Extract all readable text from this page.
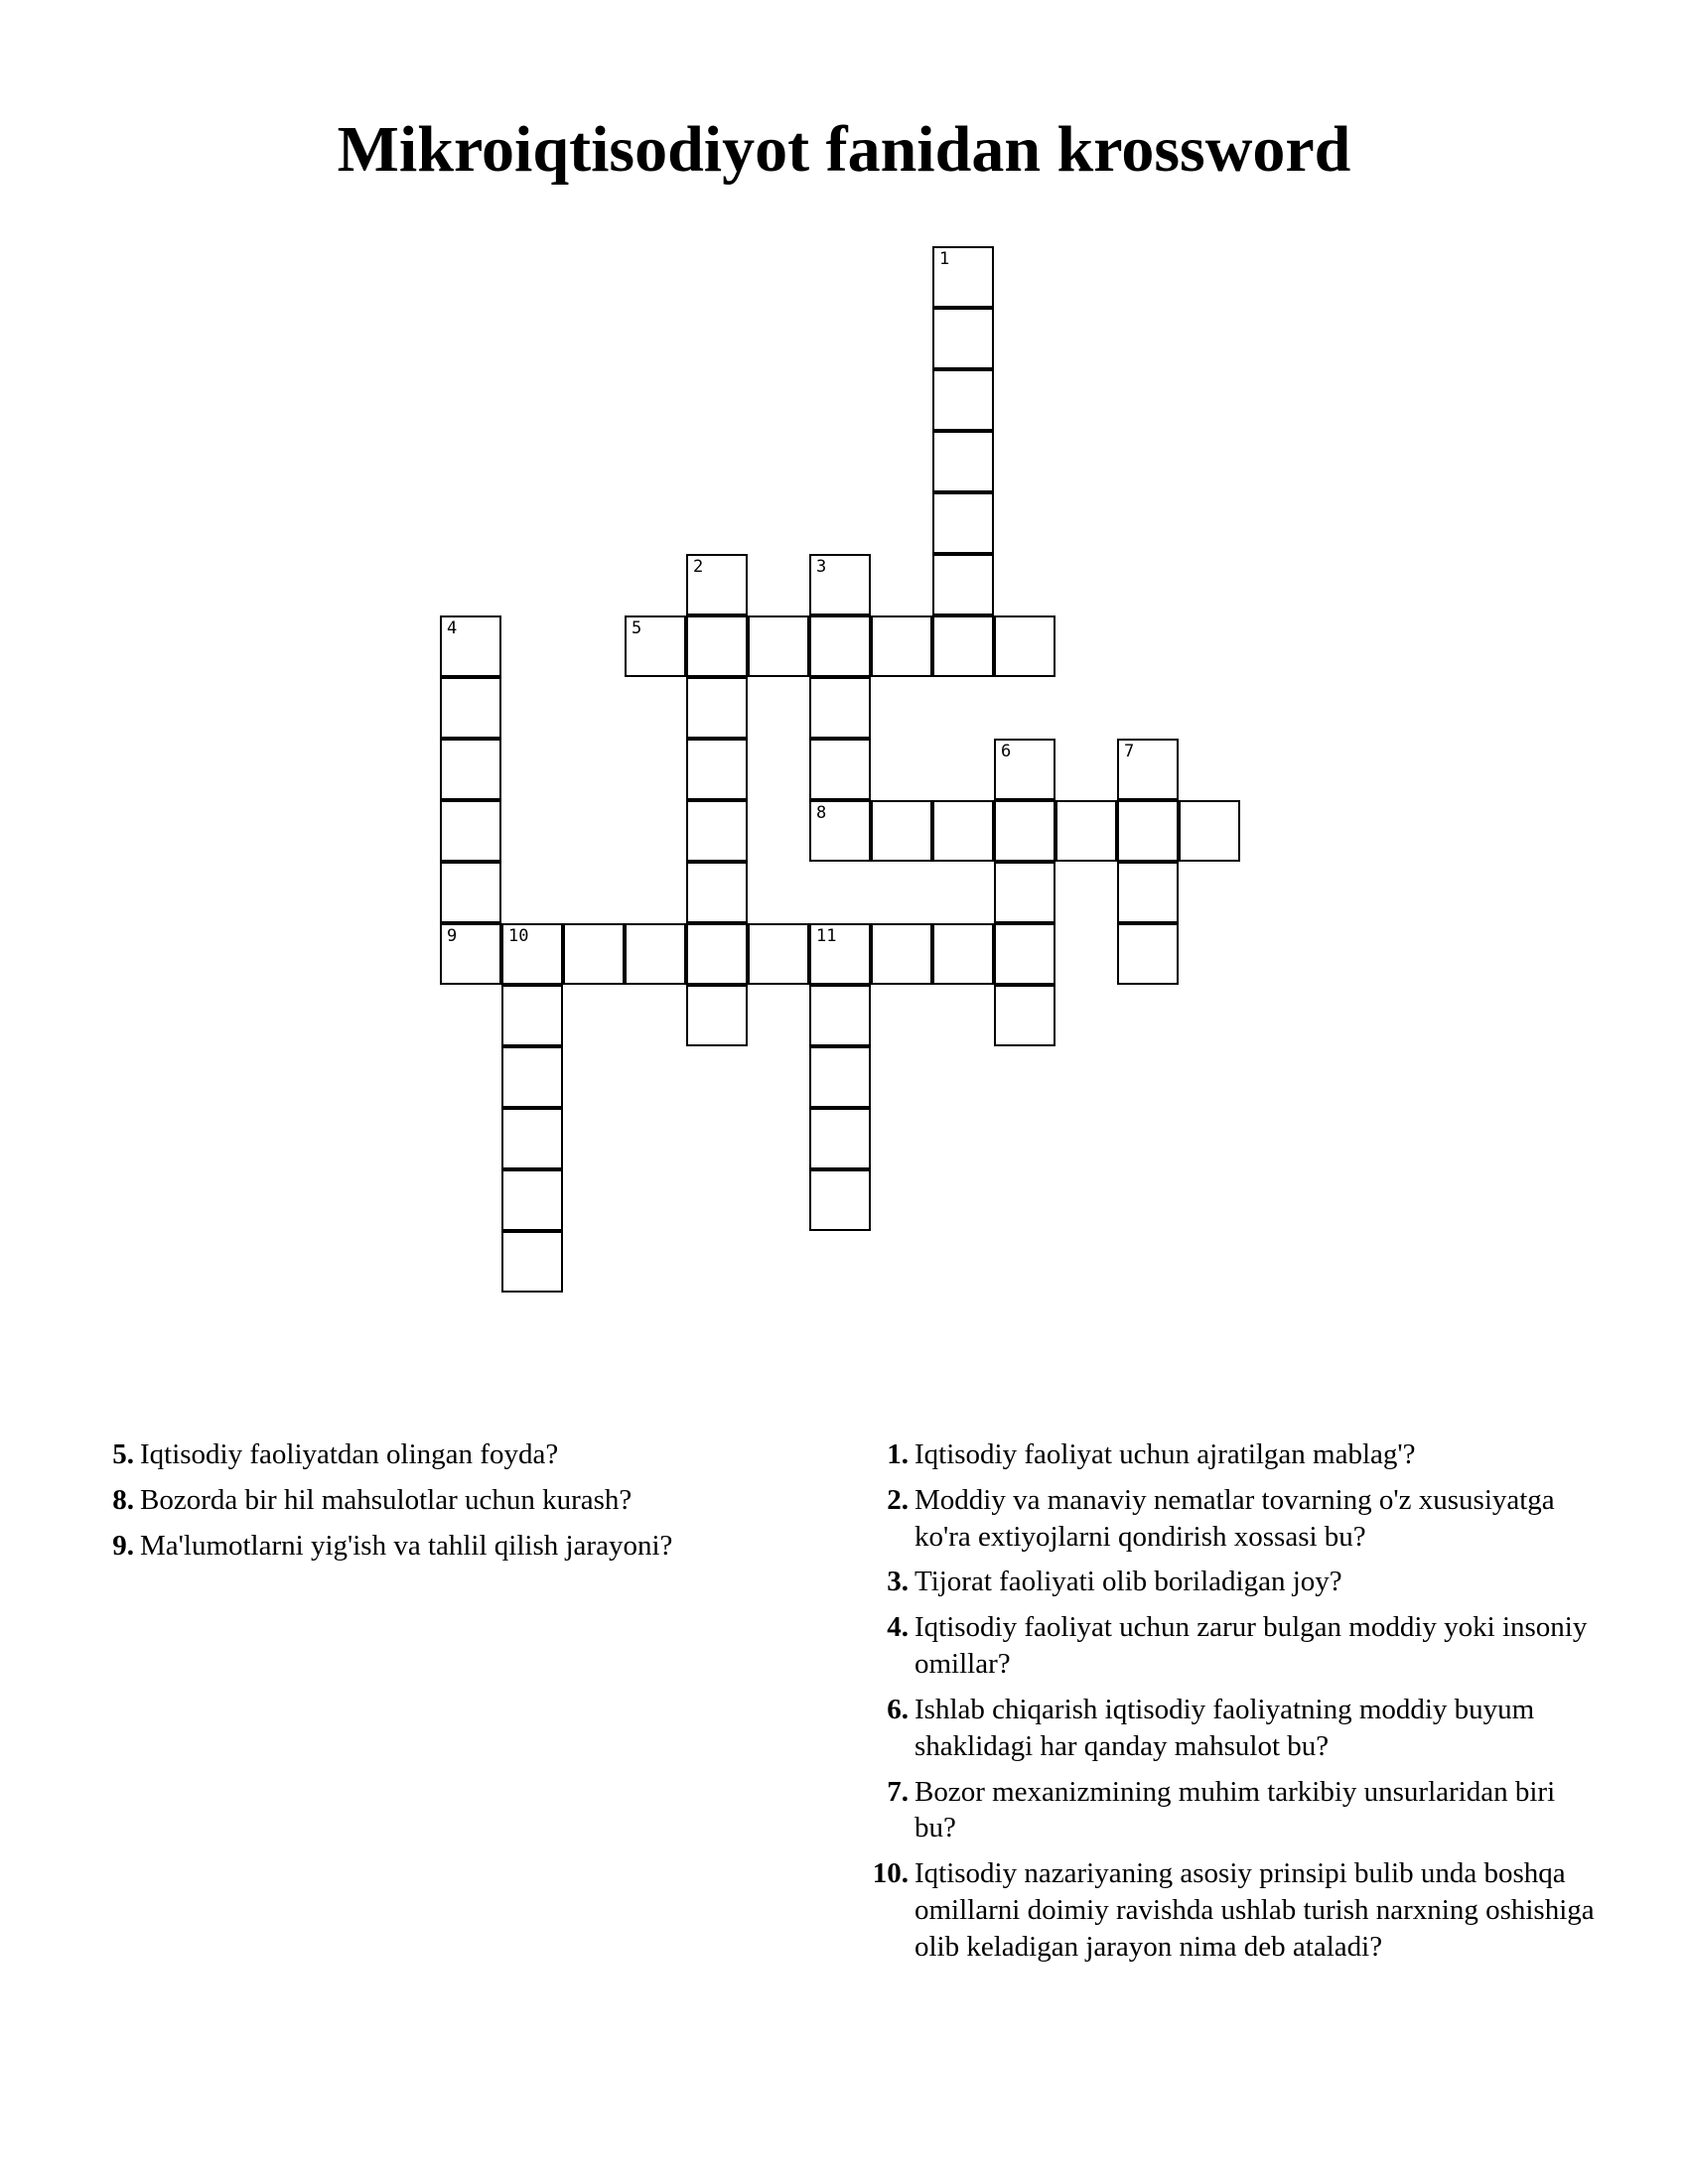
Mikroiqtisodiyot fanidan krossword
1
2	3
4	5
6	7
8
9	10	11
5. Iqtisodiy faoliyatdan olingan foyda?
8. Bozorda bir hil mahsulotlar uchun kurash?
9. Ma'lumotlarni yig'ish va tahlil qilish jarayoni?
1. Iqtisodiy faoliyat uchun ajratilgan mablag'?
2. Moddiy va manaviy nematlar tovarning o'z xususiyatga ko'ra extiyojlarni qondirish xossasi bu?
3. Tijorat faoliyati olib boriladigan joy?
4. Iqtisodiy faoliyat uchun zarur bulgan moddiy yoki insoniy omillar?
6. Ishlab chiqarish iqtisodiy faoliyatning moddiy buyum shaklidagi har qanday mahsulot bu?
7. Bozor mexanizmining muhim tarkibiy unsurlaridan biri bu?
10. Iqtisodiy nazariyaning asosiy prinsipi bulib unda boshqa omillarni doimiy ravishda ushlab turish narxning oshishiga olib keladigan jarayon nima deb ataladi?
